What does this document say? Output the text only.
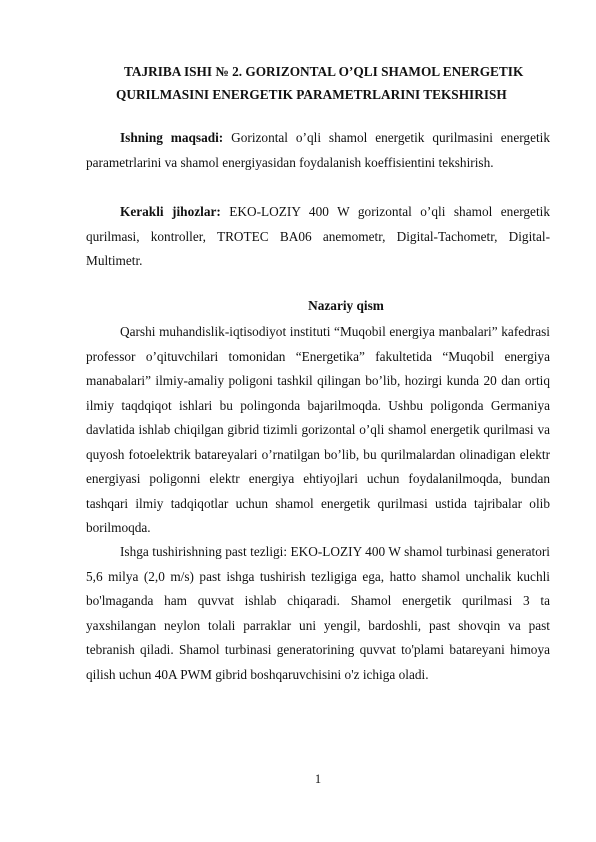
TAJRIBA ISHI № 2. GORIZONTAL O’QLI SHAMOL ENERGETIK
QURILMASINI ENERGETIK PARAMETRLARINI TEKSHIRISH

Ishning maqsadi: Gorizontal o’qli shamol energetik qurilmasini energetik parametrlarini va shamol energiyasidan foydalanish koeffisientini tekshirish.

Kerakli jihozlar: EKO-LOZIY 400 W gorizontal o’qli shamol energetik qurilmasi, kontroller, TROTEC BA06 anemometr, Digital-Tachometr, Digital-Multimetr.

Nazariy qism

Qarshi muhandislik-iqtisodiyot instituti “Muqobil energiya manbalari” kafedrasi professor o’qituvchilari tomonidan “Energetika” fakultetida “Muqobil energiya manabalari” ilmiy-amaliy poligoni tashkil qilingan bo’lib, hozirgi kunda 20 dan ortiq ilmiy taqdqiqot ishlari bu polingonda bajarilmoqda. Ushbu poligonda Germaniya davlatida ishlab chiqilgan gibrid tizimli gorizontal o’qli shamol energetik qurilmasi va quyosh fotoelektrik batareyalari o’rnatilgan bo’lib, bu qurilmalardan olinadigan elektr energiyasi poligonni elektr energiya ehtiyojlari uchun foydalanilmoqda, bundan tashqari ilmiy tadqiqotlar uchun shamol energetik qurilmasi ustida tajribalar olib borilmoqda.

Ishga tushirishning past tezligi: EKO-LOZIY 400 W shamol turbinasi generatori 5,6 milya (2,0 m/s) past ishga tushirish tezligiga ega, hatto shamol unchalik kuchli bo'lmaganda ham quvvat ishlab chiqaradi. Shamol energetik qurilmasi 3 ta yaxshilangan neylon tolali parraklar uni yengil, bardoshli, past shovqin va past tebranish qiladi. Shamol turbinasi generatorining quvvat to'plami batareyani himoya qilish uchun 40A PWM gibrid boshqaruvchisini o'z ichiga oladi.

1
